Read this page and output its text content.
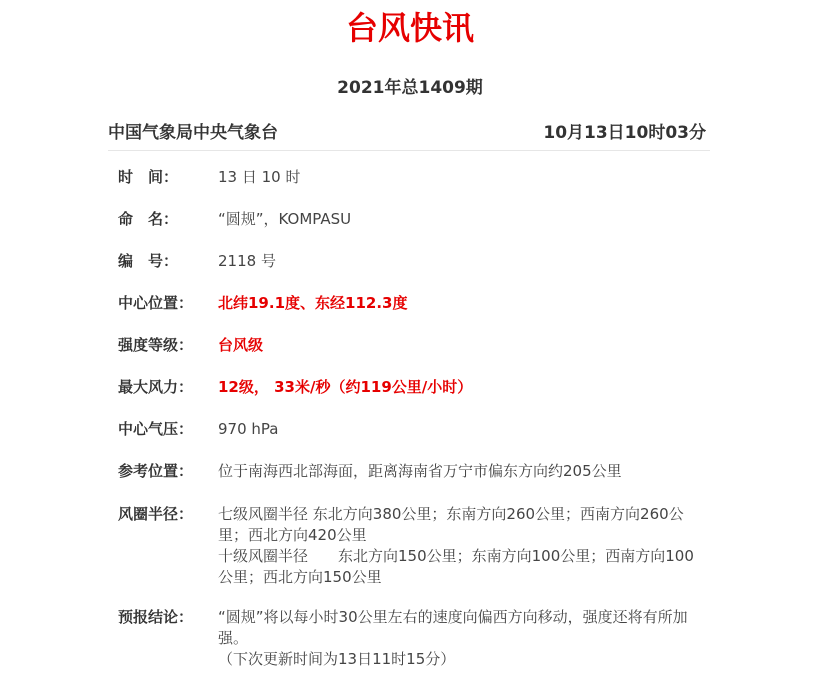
台风快讯
2021年总1409期
中国气象局中央气象台	10月13日10时03分
时　间：	13 日 10 时
命　名：	“圆规”，KOMPASU
编　号：	2118 号
中心位置：	北纬19.1度、东经112.3度
强度等级：	台风级
最大风力：	12级， 33米/秒（约119公里/小时）
中心气压：	970 hPa
参考位置：	位于南海西北部海面，距离海南省万宁市偏东方向约205公里
风圈半径：	七级风圈半径 东北方向380公里；东南方向260公里；西南方向260公里；西北方向420公里

十级风圈半径　　东北方向150公里；东南方向100公里；西南方向100公里；西北方向150公里

预报结论：	“圆规”将以每小时30公里左右的速度向偏西方向移动，强度还将有所加强。

（下次更新时间为13日11时15分）
